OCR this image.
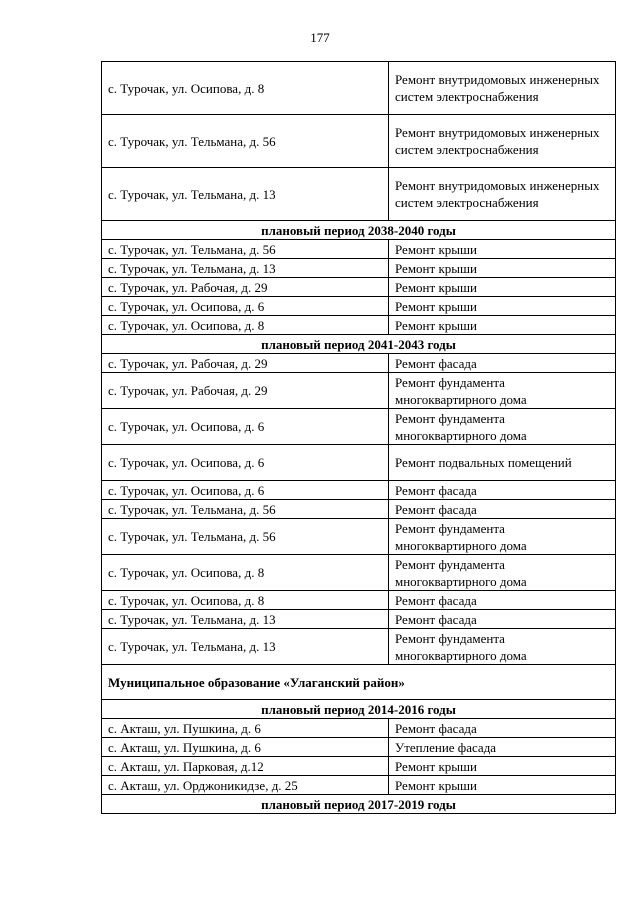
177
с. Турочак, ул. Осипова, д. 8	Ремонт внутридомовых инженерных систем электроснабжения
с. Турочак, ул. Тельмана, д. 56	Ремонт внутридомовых инженерных систем электроснабжения
с. Турочак, ул. Тельмана, д. 13	Ремонт внутридомовых инженерных систем электроснабжения
плановый период 2038-2040 годы	
с. Турочак, ул. Тельмана, д. 56	Ремонт крыши
с. Турочак, ул. Тельмана, д. 13	Ремонт крыши
с. Турочак, ул. Рабочая, д. 29	Ремонт крыши
с. Турочак, ул. Осипова, д. 6	Ремонт крыши
с. Турочак, ул. Осипова, д. 8	Ремонт крыши
плановый период 2041-2043 годы	
с. Турочак, ул. Рабочая, д. 29	Ремонт фасада
с. Турочак, ул. Рабочая, д. 29	Ремонт фундамента многоквартирного дома
с. Турочак, ул. Осипова, д. 6	Ремонт фундамента многоквартирного дома
с. Турочак, ул. Осипова, д. 6	Ремонт подвальных помещений
с. Турочак, ул. Осипова, д. 6	Ремонт фасада
с. Турочак, ул. Тельмана, д. 56	Ремонт фасада
с. Турочак, ул. Тельмана, д. 56	Ремонт фундамента многоквартирного дома
с. Турочак, ул. Осипова, д. 8	Ремонт фундамента многоквартирного дома
с. Турочак, ул. Осипова, д. 8	Ремонт фасада
с. Турочак, ул. Тельмана, д. 13	Ремонт фасада
с. Турочак, ул. Тельмана, д. 13	Ремонт фундамента многоквартирного дома
Муниципальное образование «Улаганский район»	
плановый период 2014-2016 годы	
с. Акташ, ул. Пушкина, д. 6	Ремонт фасада
с. Акташ, ул. Пушкина, д. 6	Утепление фасада
с. Акташ, ул. Парковая, д.12	Ремонт крыши
с. Акташ, ул. Орджоникидзе, д. 25	Ремонт крыши
плановый период 2017-2019 годы	
